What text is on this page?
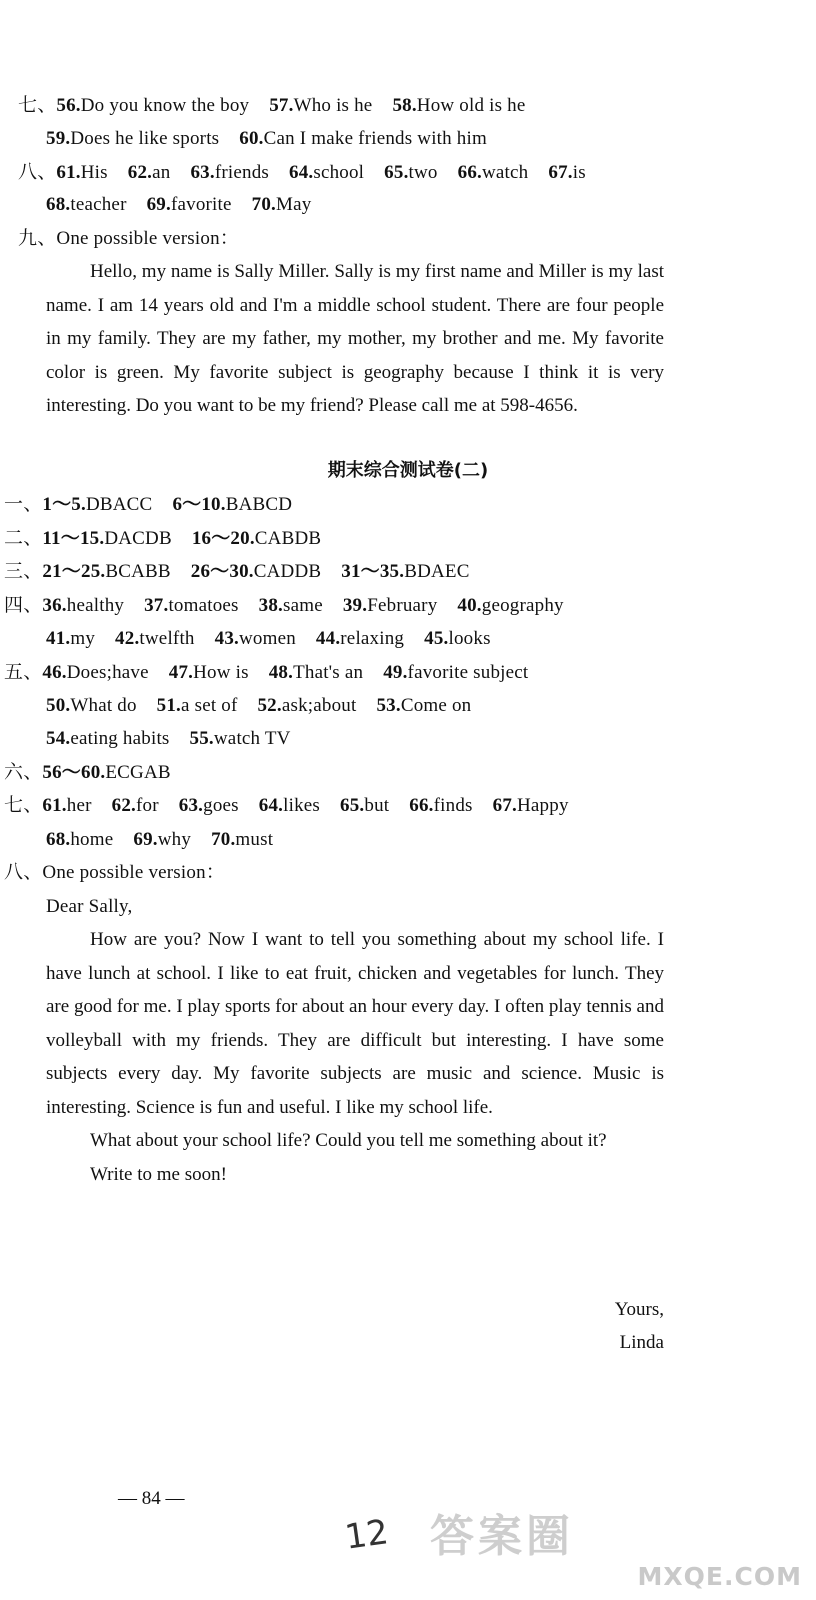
七、56.Do you know the boy 57.Who is he 58.How old is he
59.Does he like sports 60.Can I make friends with him
八、61.His 62.an 63.friends 64.school 65.two 66.watch 67.is
68.teacher 69.favorite 70.May
九、One possible version：

Hello, my name is Sally Miller. Sally is my first name and Miller is my last name. I am 14 years old and I'm a middle school student. There are four people in my family. They are my father, my mother, my brother and me. My favorite color is green. My favorite subject is geography because I think it is very interesting. Do you want to be my friend? Please call me at 598-4656.

期末综合测试卷(二)
一、1～5.DBACC 6～10.BABCD
二、11～15.DACDB 16～20.CABDB
三、21～25.BCABB 26～30.CADDB 31～35.BDAEC
四、36.healthy 37.tomatoes 38.same 39.February 40.geography
41.my 42.twelfth 43.women 44.relaxing 45.looks
五、46.Does;have 47.How is 48.That's an 49.favorite subject
50.What do 51.a set of 52.ask;about 53.Come on
54.eating habits 55.watch TV
六、56～60.ECGAB
七、61.her 62.for 63.goes 64.likes 65.but 66.finds 67.Happy
68.home 69.why 70.must
八、One possible version：
Dear Sally,

How are you? Now I want to tell you something about my school life. I have lunch at school. I like to eat fruit, chicken and vegetables for lunch. They are good for me. I play sports for about an hour every day. I often play tennis and volleyball with my friends. They are difficult but interesting. I have some subjects every day. My favorite subjects are music and science. Music is interesting. Science is fun and useful. I like my school life.

What about your school life? Could you tell me something about it?

Write to me soon!

Yours,
Linda
— 84 —
12 答案圈
MXQE.COM
